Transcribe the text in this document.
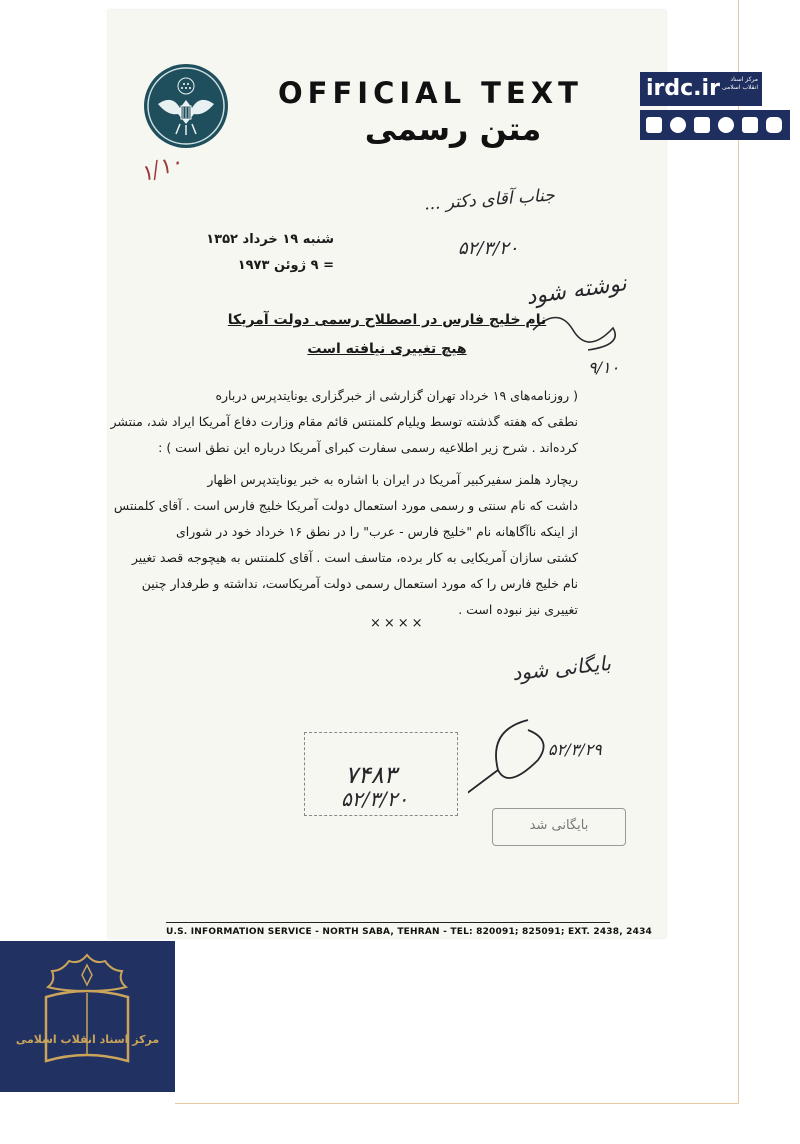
OFFICIAL TEXT
متن رسمی
شنبه ۱۹ خرداد ۱۳۵۲
= ۹ ژوئن ۱۹۷۳
۱/۱۰
جناب آقای دکتر ...
۵۲/۳/۲۰
نوشته شود
۹/۱۰
نام خلیج فارس در اصطلاح رسمی دولت آمریکا
هیچ تغییری نیافته است

( روزنامه‌های ۱۹ خرداد تهران گزارشی از خبرگزاری یونایتدپرس درباره

نطقی که هفته گذشته توسط ویلیام کلمنتس قائم مقام وزارت دفاع آمریکا ایراد شد، منتشر

کرده‌اند . شرح زیر اطلاعیه رسمی سفارت کبرای آمریکا درباره این نطق است ) :

ریچارد هلمز سفیرکبیر آمریکا در ایران با اشاره به خبر یونایتدپرس اظهار

داشت که نام سنتی و رسمی مورد استعمال دولت آمریکا خلیج فارس است . آقای کلمنتس

از اینکه ناآگاهانه نام "خلیج فارس - عرب" را در نطق ۱۶ خرداد خود در شورای

کشتی سازان آمریکایی به کار برده، متاسف است . آقای کلمنتس به هیچوجه قصد تغییر

نام خلیج فارس را که مورد استعمال رسمی دولت آمریکاست، نداشته و طرفدار چنین

تغییری نیز نبوده است .

××××
بایگانی شود
۵۲/۳/۲۹
۷۴۸۳
۵۲/۳/۲۰
بایگانی شد
U.S. INFORMATION SERVICE - NORTH SABA, TEHRAN - TEL: 820091; 825091; EXT. 2438, 2434
irdc.ir	مرکز اسناد انقلاب اسلامی
مرکز اسناد انقلاب اسلامی
